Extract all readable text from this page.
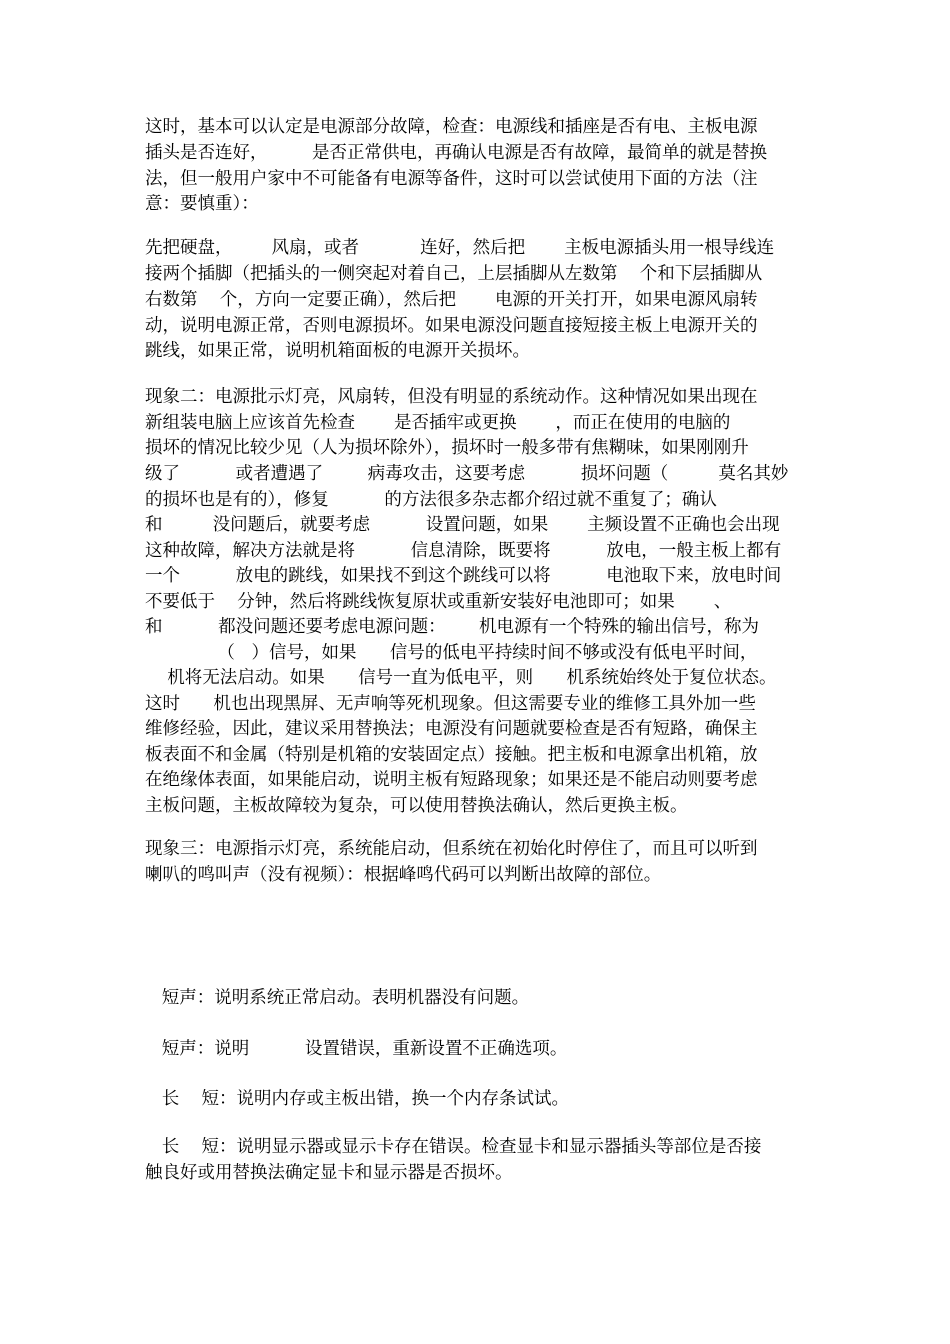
这时，基本可以认定是电源部分故障，检查：电源线和插座是否有电、主板电源
插头是否连好，        是否正常供电，再确认电源是否有故障，最简单的就是替换
法，但一般用户家中不可能备有电源等备件，这时可以尝试使用下面的方法（注
意：要慎重）：
先把硬盘，       风扇，或者           连好，然后把       主板电源插头用一根导线连
接两个插脚（把插头的一侧突起对着自己，上层插脚从左数第    个和下层插脚从
右数第    个，方向一定要正确），然后把       电源的开关打开，如果电源风扇转
动，说明电源正常，否则电源损坏。如果电源没问题直接短接主板上电源开关的
跳线，如果正常，说明机箱面板的电源开关损坏。
现象二：电源批示灯亮，风扇转，但没有明显的系统动作。这种情况如果出现在
新组装电脑上应该首先检查       是否插牢或更换       ，而正在使用的电脑的
损坏的情况比较少见（人为损坏除外），损坏时一般多带有焦糊味，如果刚刚升
级了          或者遭遇了        病毒攻击，这要考虑          损坏问题（         莫名其妙
的损坏也是有的），修复          的方法很多杂志都介绍过就不重复了；确认
和         没问题后，就要考虑          设置问题，如果       主频设置不正确也会出现
这种故障，解决方法就是将          信息清除，既要将          放电，一般主板上都有
一个          放电的跳线，如果找不到这个跳线可以将          电池取下来，放电时间
不要低于    分钟，然后将跳线恢复原状或重新安装好电池即可；如果       、
和          都没问题还要考虑电源问题：      机电源有一个特殊的输出信号，称为
（   ）信号，如果      信号的低电平持续时间不够或没有低电平时间，
机将无法启动。如果      信号一直为低电平，则      机系统始终处于复位状态。
这时      机也出现黑屏、无声响等死机现象。但这需要专业的维修工具外加一些
维修经验，因此，建议采用替换法；电源没有问题就要检查是否有短路，确保主
板表面不和金属（特别是机箱的安装固定点）接触。把主板和电源拿出机箱，放
在绝缘体表面，如果能启动，说明主板有短路现象；如果还是不能启动则要考虑
主板问题，主板故障较为复杂，可以使用替换法确认，然后更换主板。
现象三：电源指示灯亮，系统能启动，但系统在初始化时停住了，而且可以听到
喇叭的鸣叫声（没有视频）：根据峰鸣代码可以判断出故障的部位。
短声：说明系统正常启动。表明机器没有问题。
短声：说明          设置错误，重新设置不正确选项。
长    短：说明内存或主板出错，换一个内存条试试。
长    短：说明显示器或显示卡存在错误。检查显卡和显示器插头等部位是否接
触良好或用替换法确定显卡和显示器是否损坏。
